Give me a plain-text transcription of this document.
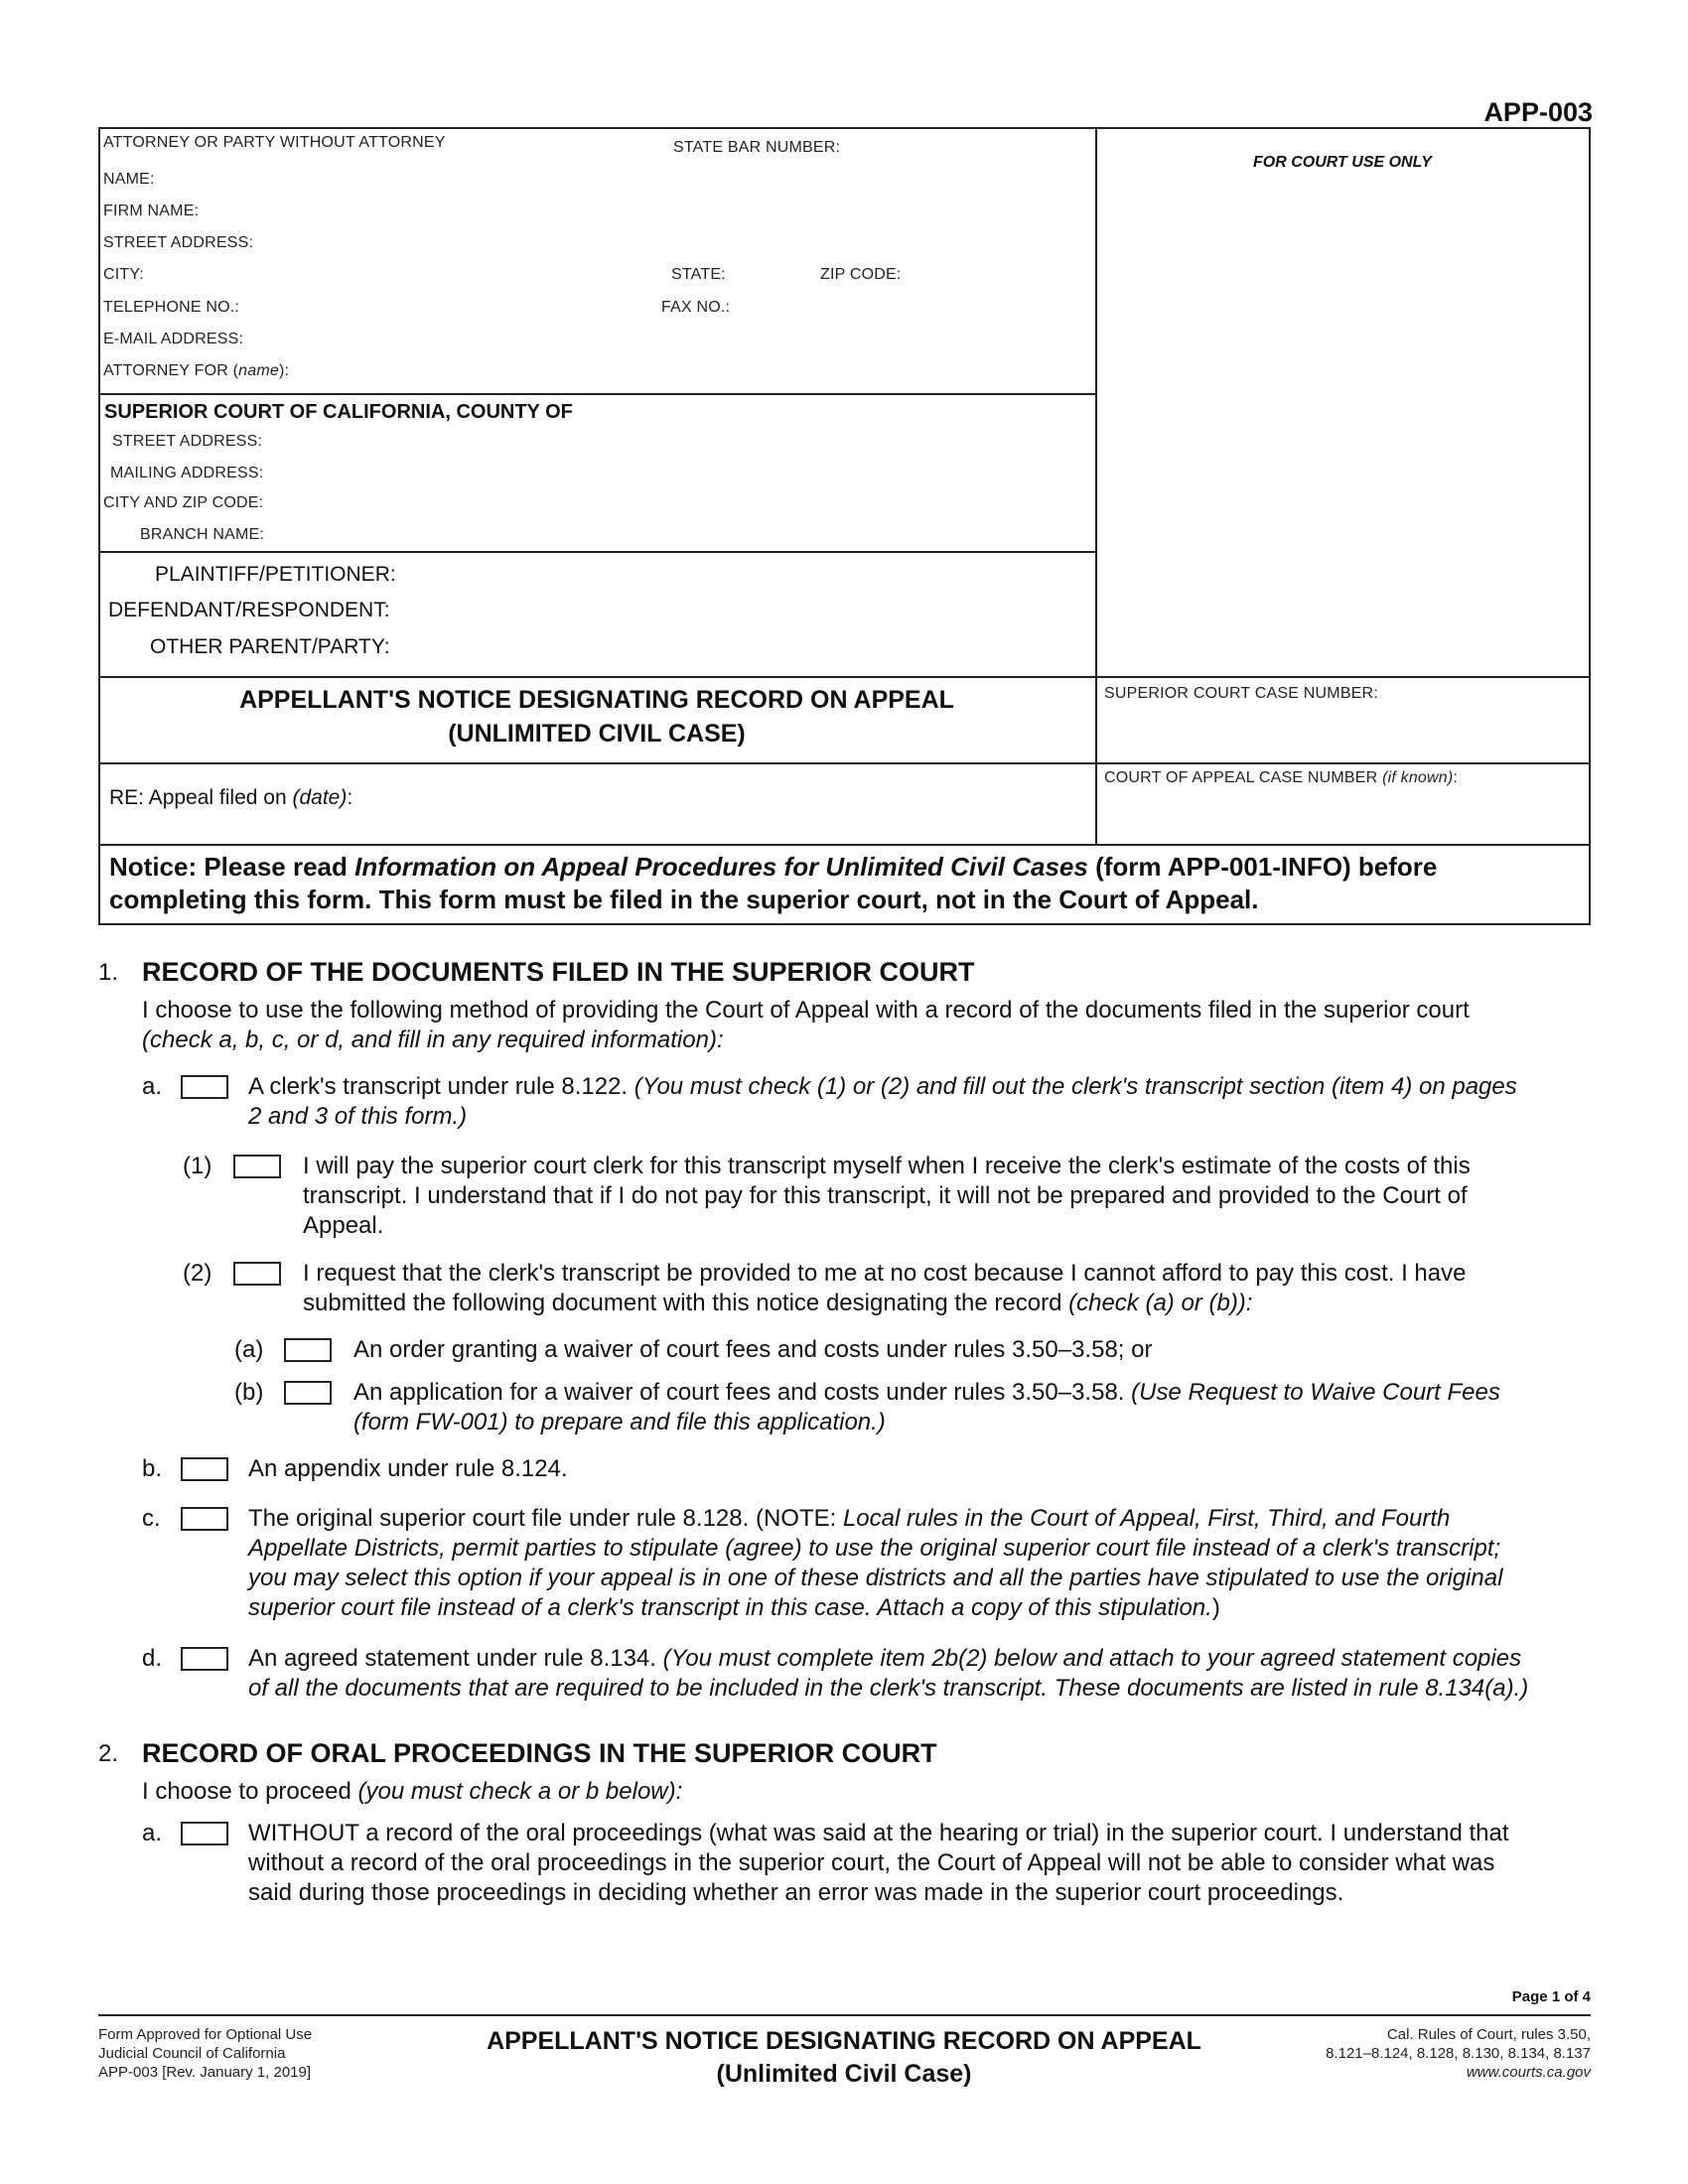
APP-003
FOR COURT USE ONLY
ATTORNEY OR PARTY WITHOUT ATTORNEY	STATE BAR NUMBER:
NAME:
FIRM NAME:
STREET ADDRESS:
CITY:	STATE:	ZIP CODE:
TELEPHONE NO.:	FAX NO.:
E-MAIL ADDRESS:
ATTORNEY FOR (name):
SUPERIOR COURT OF CALIFORNIA, COUNTY OF
STREET ADDRESS:
MAILING ADDRESS:
CITY AND ZIP CODE:
BRANCH NAME:
PLAINTIFF/PETITIONER:
DEFENDANT/RESPONDENT:
OTHER PARENT/PARTY:
APPELLANT'S NOTICE DESIGNATING RECORD ON APPEAL
(UNLIMITED CIVIL CASE)
SUPERIOR COURT CASE NUMBER:
COURT OF APPEAL CASE NUMBER (if known):
RE: Appeal filed on (date):
Notice: Please read Information on Appeal Procedures for Unlimited Civil Cases (form APP-001-INFO) before
completing this form. This form must be filed in the superior court, not in the Court of Appeal.
1. RECORD OF THE DOCUMENTS FILED IN THE SUPERIOR COURT
I choose to use the following method of providing the Court of Appeal with a record of the documents filed in the superior court
(check a, b, c, or d, and fill in any required information):
a.	A clerk's transcript under rule 8.122. (You must check (1) or (2) and fill out the clerk's transcript section (item 4) on pages
2 and 3 of this form.)
(1)	I will pay the superior court clerk for this transcript myself when I receive the clerk's estimate of the costs of this
transcript. I understand that if I do not pay for this transcript, it will not be prepared and provided to the Court of
Appeal.
(2)	I request that the clerk's transcript be provided to me at no cost because I cannot afford to pay this cost. I have
submitted the following document with this notice designating the record (check (a) or (b)):
(a)	An order granting a waiver of court fees and costs under rules 3.50–3.58; or
(b)	An application for a waiver of court fees and costs under rules 3.50–3.58. (Use Request to Waive Court Fees
(form FW-001) to prepare and file this application.)
b.	An appendix under rule 8.124.
c.	The original superior court file under rule 8.128. (NOTE: Local rules in the Court of Appeal, First, Third, and Fourth
Appellate Districts, permit parties to stipulate (agree) to use the original superior court file instead of a clerk's transcript;
you may select this option if your appeal is in one of these districts and all the parties have stipulated to use the original
superior court file instead of a clerk's transcript in this case. Attach a copy of this stipulation.)
d.	An agreed statement under rule 8.134. (You must complete item 2b(2) below and attach to your agreed statement copies
of all the documents that are required to be included in the clerk's transcript. These documents are listed in rule 8.134(a).)
2. RECORD OF ORAL PROCEEDINGS IN THE SUPERIOR COURT
I choose to proceed (you must check a or b below):
a.	WITHOUT a record of the oral proceedings (what was said at the hearing or trial) in the superior court. I understand that
without a record of the oral proceedings in the superior court, the Court of Appeal will not be able to consider what was
said during those proceedings in deciding whether an error was made in the superior court proceedings.
Page 1 of 4
Form Approved for Optional Use
Judicial Council of California
APP-003 [Rev. January 1, 2019]
APPELLANT'S NOTICE DESIGNATING RECORD ON APPEAL
(Unlimited Civil Case)
Cal. Rules of Court, rules 3.50,
8.121–8.124, 8.128, 8.130, 8.134, 8.137
www.courts.ca.gov
